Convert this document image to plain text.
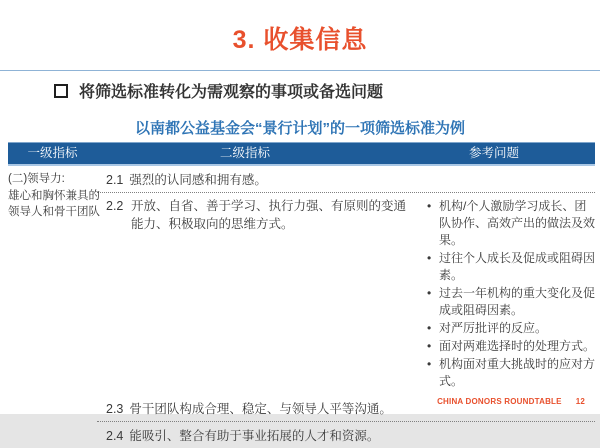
3. 收集信息
将筛选标准转化为需观察的事项或备选问题
以南都公益基金会“景行计划”的一项筛选标准为例
一级指标	二级指标	参考问题
(二)领导力:
雄心和胸怀兼具的
领导人和骨干团队
2.1 强烈的认同感和拥有感。
2.2 开放、自省、善于学习、执行力强、有原则的变通能力、积极取向的思维方式。
• 机构/个人激励学习成长、团队协作、高效产出的做法及效果。
• 过往个人成长及促成或阻碍因素。
• 过去一年机构的重大变化及促成或阻碍因素。
• 对严厉批评的反应。
• 面对两难选择时的处理方式。
• 机构面对重大挑战时的应对方式。
2.3 骨干团队构成合理、稳定、与领导人平等沟通。
2.4 能吸引、整合有助于事业拓展的人才和资源。
CHINA DONORS ROUNDTABLE 12
